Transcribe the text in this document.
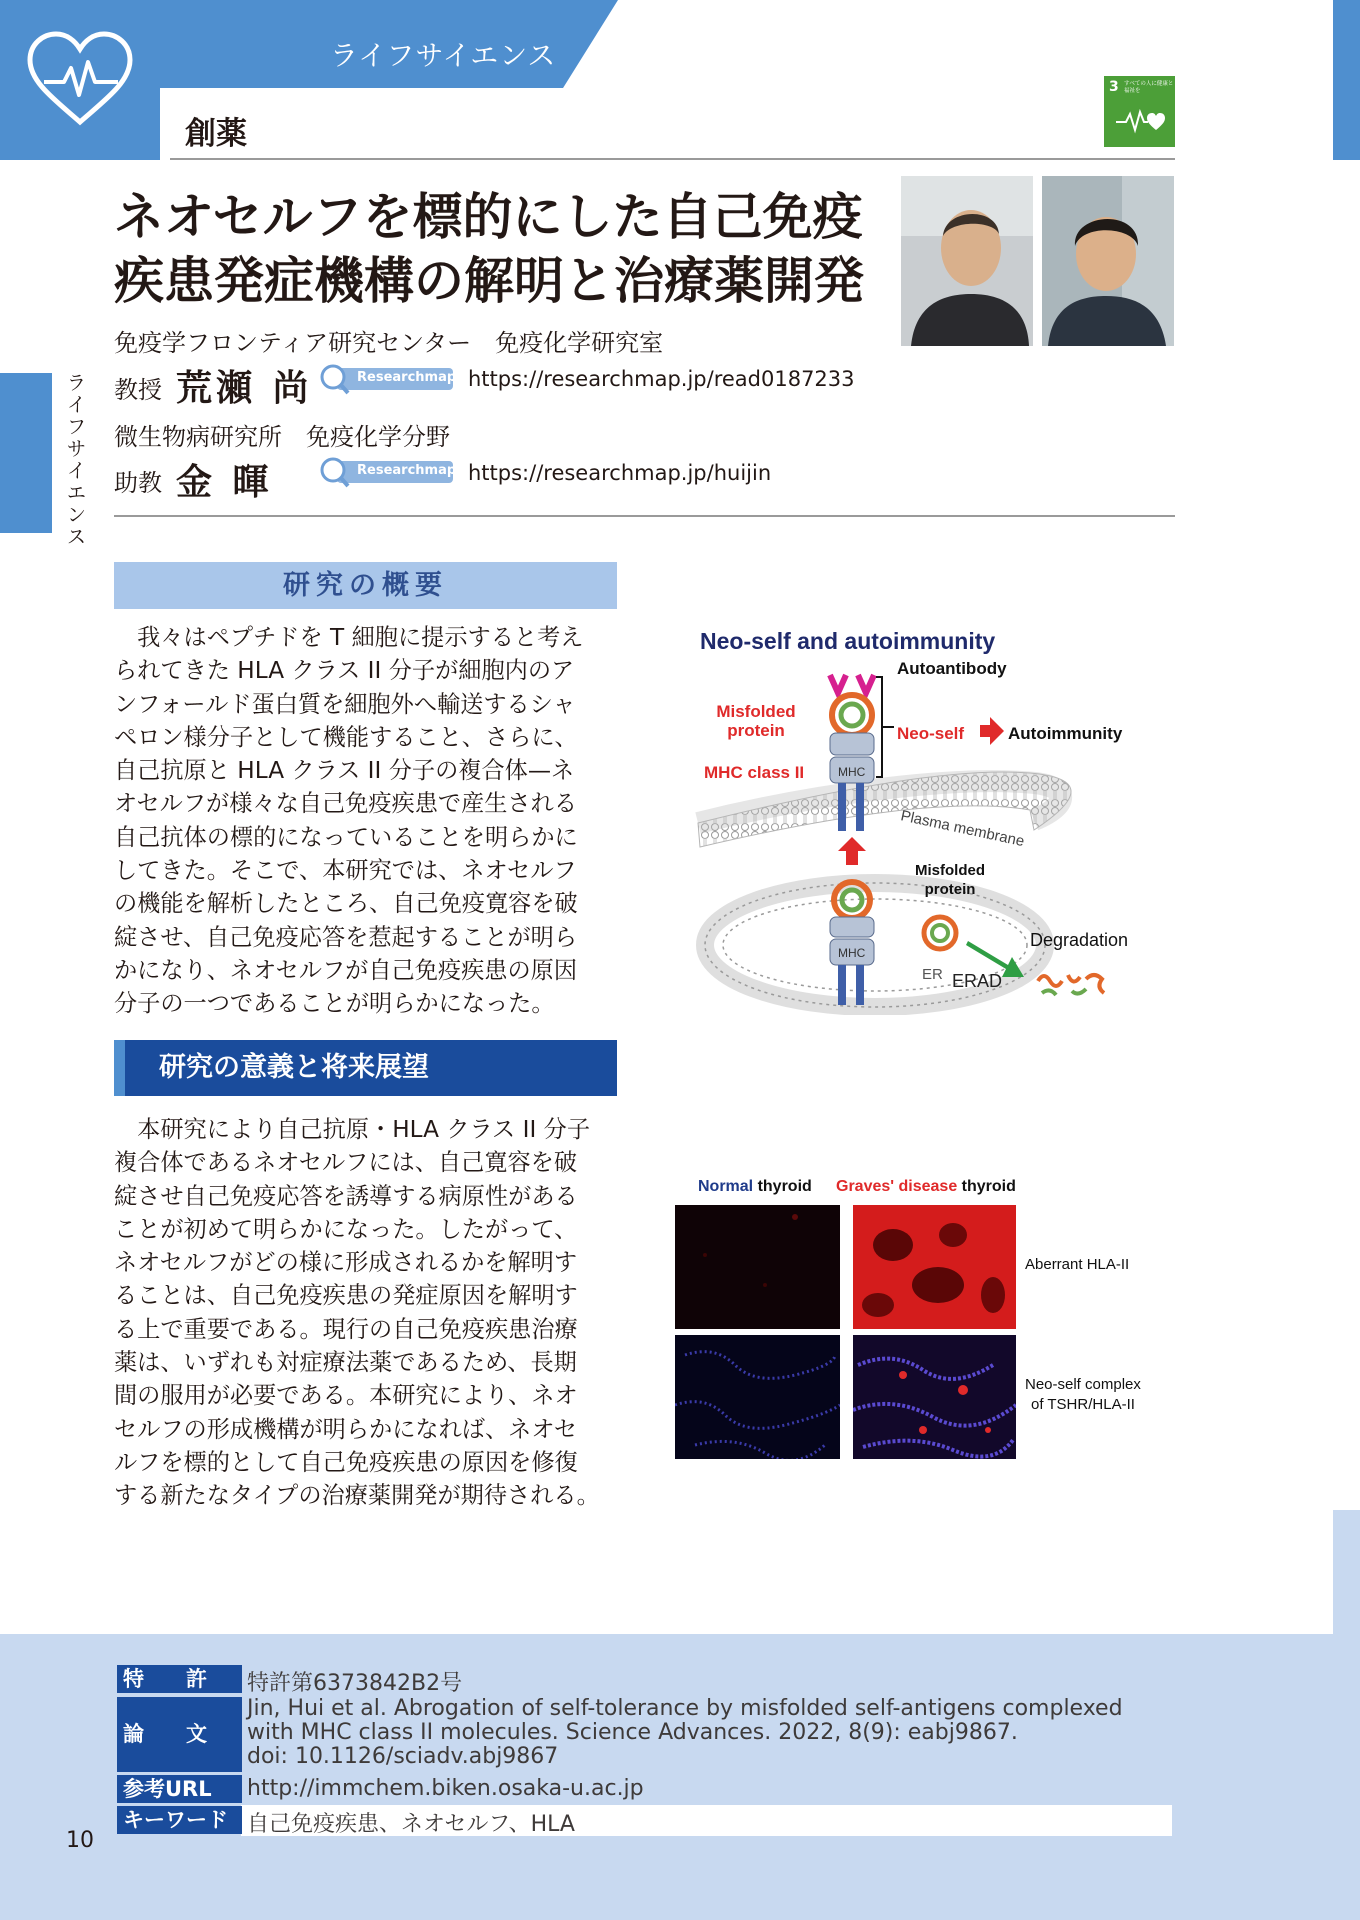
ライフサイエンス
創薬
3 すべての人に健康と福祉を
ネオセルフを標的にした自己免疫
疾患発症機構の解明と治療薬開発
免疫学フロンティア研究センター　免疫化学研究室
教授 荒瀬 尚	Researchmap https://researchmap.jp/read0187233
微生物病研究所　免疫化学分野
助教 金 暉	Researchmap https://researchmap.jp/huijin
ライフサイエンス
研究の概要
　我々はペプチドを T 細胞に提示すると考え
られてきた HLA クラス II 分子が細胞内のア
ンフォールド蛋白質を細胞外へ輸送するシャ
ペロン様分子として機能すること、さらに、
自己抗原と HLA クラス II 分子の複合体—ネ
オセルフが様々な自己免疫疾患で産生される
自己抗体の標的になっていることを明らかに
してきた。そこで、本研究では、ネオセルフ
の機能を解析したところ、自己免疫寛容を破
綻させ、自己免疫応答を惹起することが明ら
かになり、ネオセルフが自己免疫疾患の原因
分子の一つであることが明らかになった。
研究の意義と将来展望
　本研究により自己抗原・HLA クラス II 分子
複合体であるネオセルフには、自己寛容を破
綻させ自己免疫応答を誘導する病原性がある
ことが初めて明らかになった。したがって、
ネオセルフがどの様に形成されるかを解明す
ることは、自己免疫疾患の発症原因を解明す
る上で重要である。現行の自己免疫疾患治療
薬は、いずれも対症療法薬であるため、長期
間の服用が必要である。本研究により、ネオ
セルフの形成機構が明らかになれば、ネオセ
ルフを標的として自己免疫疾患の原因を修復
する新たなタイプの治療薬開発が期待される。
Neo-self and autoimmunity
Plasma membrane
ER ERAD
Autoantibody
MHC
Misfolded
protein
MHC class II
Neo-self	Autoimmunity
MHC
Misfolded
protein
Degradation
Normal thyroid Graves' disease thyroid
Aberrant HLA-II
Neo-self complex
of TSHR/HLA-II
特　　許	特許第6373842B2号
論　　文
Jin, Hui et al. Abrogation of self-tolerance by misfolded self-antigens complexed
with MHC class II molecules. Science Advances. 2022, 8(9): eabj9867.
doi: 10.1126/sciadv.abj9867
参考URL	http://immchem.biken.osaka-u.ac.jp
キーワード 自己免疫疾患、ネオセルフ、HLA
10
